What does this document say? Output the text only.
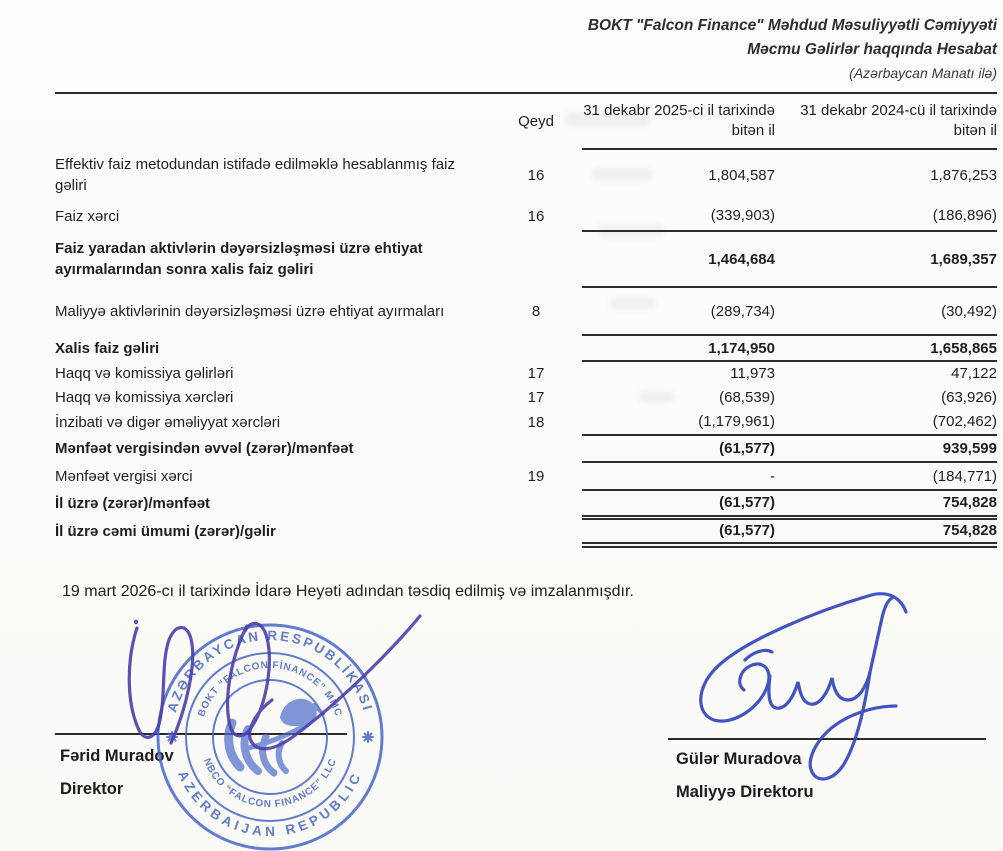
BOKT "Falcon Finance" Məhdud Məsuliyyətli Cəmiyyəti
Məcmu Gəlirlər haqqında Hesabat
(Azərbaycan Manatı ilə)
	Qeyd	31 dekabr 2025-ci il tarixində bitən il	31 dekabr 2024-cü il tarixində bitən il
Effektiv faiz metodundan istifadə edilməklə hesablanmış faiz gəliri	16	1,804,587	1,876,253
Faiz xərci	16	(339,903)	(186,896)
Faiz yaradan aktivlərin dəyərsizləşməsi üzrə ehtiyat ayırmalarından sonra xalis faiz gəliri		1,464,684	1,689,357
Maliyyə aktivlərinin dəyərsizləşməsi üzrə ehtiyat ayırmaları	8	(289,734)	(30,492)
Xalis faiz gəliri		1,174,950	1,658,865
Haqq və komissiya gəlirləri	17	11,973	47,122
Haqq və komissiya xərcləri	17	(68,539)	(63,926)
İnzibati və digər əməliyyat xərcləri	18	(1,179,961)	(702,462)
Mənfəət vergisindən əvvəl (zərər)/mənfəət		(61,577)	939,599
Mənfəət vergisi xərci	19	-	(184,771)
İl üzrə (zərər)/mənfəət		(61,577)	754,828
İl üzrə cəmi ümumi (zərər)/gəlir		(61,577)	754,828
19 mart 2026-cı il tarixində İdarə Heyəti adından təsdiq edilmiş və imzalanmışdır.
Fərid Muradov
Direktor
Gülər Muradova
Maliyyə Direktoru
AZƏRBAYCAN RESPUBLİKASI
AZERBAIJAN REPUBLIC
BOKT “FALCON FİNANCE” MMC
NBCO “FALCON FINANCE” LLC
